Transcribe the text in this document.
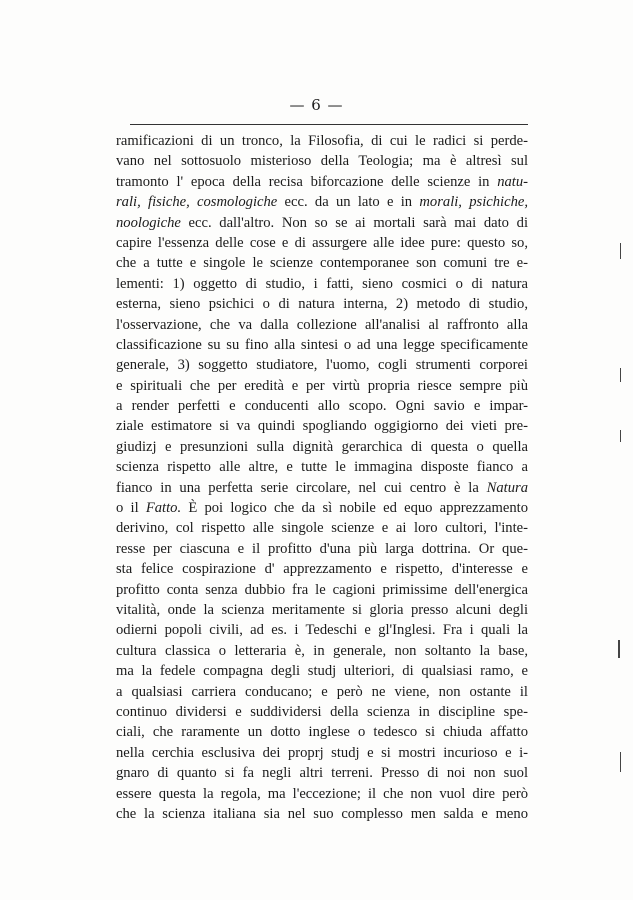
— 6 —
ramificazioni di un tronco, la Filosofia, di cui le radici si perde-
vano nel sottosuolo misterioso della Teologia; ma è altresì sul
tramonto l' epoca della recisa biforcazione delle scienze in natu-
rali, fisiche, cosmologiche ecc. da un lato e in morali, psichiche,
noologiche ecc. dall'altro. Non so se ai mortali sarà mai dato di
capire l'essenza delle cose e di assurgere alle idee pure: questo so,
che a tutte e singole le scienze contemporanee son comuni tre e-
lementi: 1) oggetto di studio, i fatti, sieno cosmici o di natura
esterna, sieno psichici o di natura interna, 2) metodo di studio,
l'osservazione, che va dalla collezione all'analisi al raffronto alla
classificazione su su fino alla sintesi o ad una legge specificamente
generale, 3) soggetto studiatore, l'uomo, cogli strumenti corporei
e spirituali che per eredità e per virtù propria riesce sempre più
a render perfetti e conducenti allo scopo. Ogni savio e impar-
ziale estimatore si va quindi spogliando oggigiorno dei vieti pre-
giudizj e presunzioni sulla dignità gerarchica di questa o quella
scienza rispetto alle altre, e tutte le immagina disposte fianco a
fianco in una perfetta serie circolare, nel cui centro è la Natura
o il Fatto. È poi logico che da sì nobile ed equo apprezzamento
derivino, col rispetto alle singole scienze e ai loro cultori, l'inte-
resse per ciascuna e il profitto d'una più larga dottrina. Or que-
sta felice cospirazione d' apprezzamento e rispetto, d'interesse e
profitto conta senza dubbio fra le cagioni primissime dell'energica
vitalità, onde la scienza meritamente si gloria presso alcuni degli
odierni popoli civili, ad es. i Tedeschi e gl'Inglesi. Fra i quali la
cultura classica o letteraria è, in generale, non soltanto la base,
ma la fedele compagna degli studj ulteriori, di qualsiasi ramo, e
a qualsiasi carriera conducano; e però ne viene, non ostante il
continuo dividersi e suddividersi della scienza in discipline spe-
ciali, che raramente un dotto inglese o tedesco si chiuda affatto
nella cerchia esclusiva dei proprj studj e si mostri incurioso e i-
gnaro di quanto si fa negli altri terreni. Presso di noi non suol
essere questa la regola, ma l'eccezione; il che non vuol dire però
che la scienza italiana sia nel suo complesso men salda e meno
